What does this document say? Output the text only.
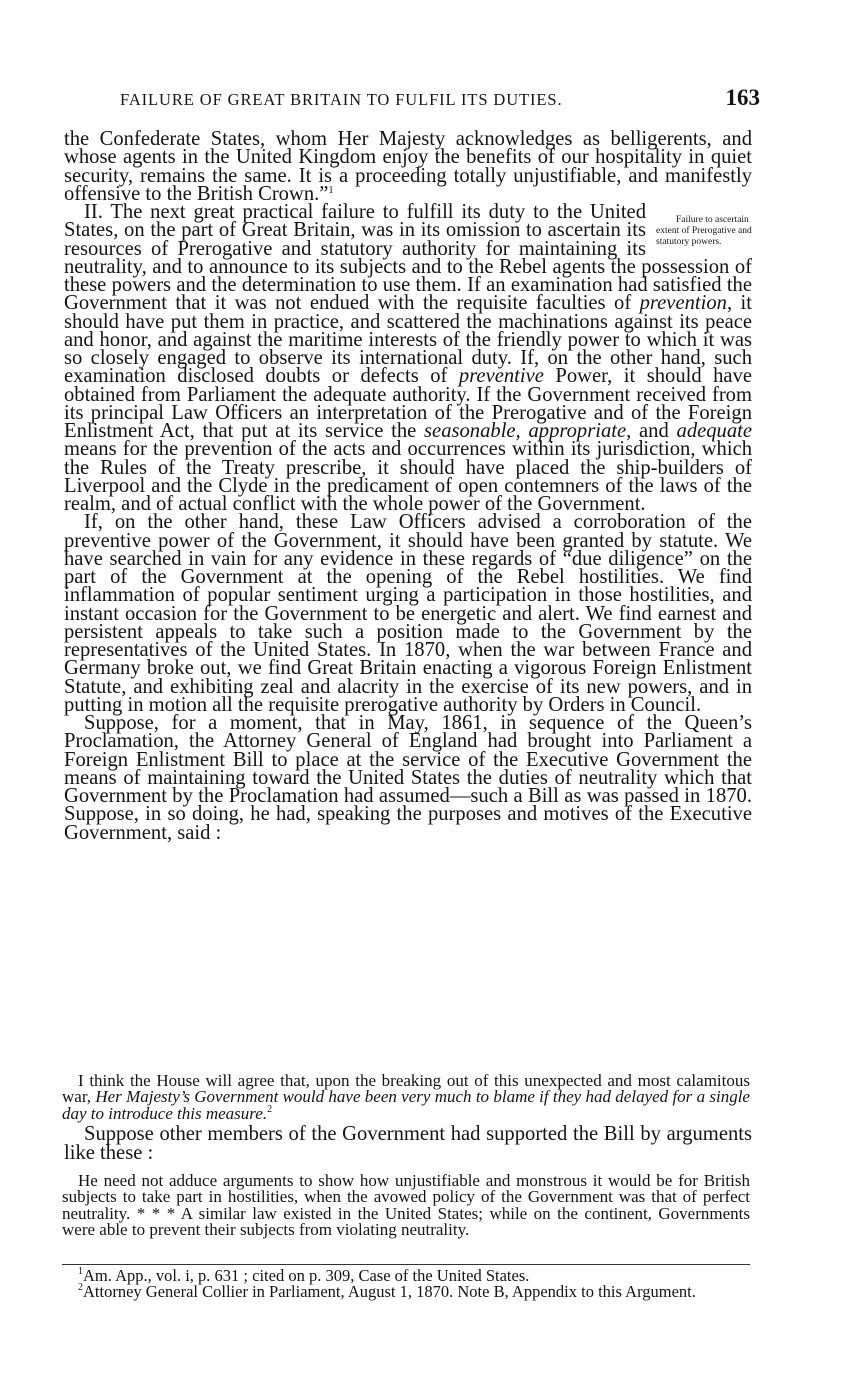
FAILURE OF GREAT BRITAIN TO FULFIL ITS DUTIES.	163

the Confederate States, whom Her Majesty acknowledges as belligerents, and whose agents in the United Kingdom enjoy the benefits of our hospitality in quiet security, remains the same. It is a proceeding totally unjustifiable, and manifestly offensive to the British Crown.”$^1$

Failure to ascertain extent of Prerogative and statutory powers.
II. The next great practical failure to fulfill its duty to the United States, on the part of Great Britain, was in its omission to ascertain its resources of Prerogative and statutory authority for maintaining its neutrality, and to announce to its subjects and to the Rebel agents the possession of these powers and the determination to use them. If an examination had satisfied the Government that it was not endued with the requisite faculties of prevention, it should have put them in practice, and scattered the machinations against its peace and honor, and against the maritime interests of the friendly power to which it was so closely engaged to observe its international duty. If, on the other hand, such examination disclosed doubts or defects of preventive Power, it should have obtained from Parliament the adequate authority. If the Government received from its principal Law Officers an interpretation of the Prerogative and of the Foreign Enlistment Act, that put at its service the seasonable, appropriate, and adequate means for the prevention of the acts and occurrences within its jurisdiction, which the Rules of the Treaty prescribe, it should have placed the ship-builders of Liverpool and the Clyde in the predicament of open contemners of the laws of the realm, and of actual conflict with the whole power of the Government.

If, on the other hand, these Law Officers advised a corroboration of the preventive power of the Government, it should have been granted by statute. We have searched in vain for any evidence in these regards of “due diligence” on the part of the Government at the opening of the Rebel hostilities. We find inflammation of popular sentiment urging a participation in those hostilities, and instant occasion for the Government to be energetic and alert. We find earnest and persistent appeals to take such a position made to the Government by the representatives of the United States. In 1870, when the war between France and Germany broke out, we find Great Britain enacting a vigorous Foreign Enlistment Statute, and exhibiting zeal and alacrity in the exercise of its new powers, and in putting in motion all the requisite prerogative authority by Orders in Council.

Suppose, for a moment, that in May, 1861, in sequence of the Queen’s Proclamation, the Attorney General of England had brought into Parliament a Foreign Enlistment Bill to place at the service of the Executive Government the means of maintaining toward the United States the duties of neutrality which that Government by the Proclamation had assumed—such a Bill as was passed in 1870. Suppose, in so doing, he had, speaking the purposes and motives of the Executive Government, said :

I think the House will agree that, upon the breaking out of this unexpected and most calamitous war, Her Majesty’s Government would have been very much to blame if they had delayed for a single day to introduce this measure.$^2$

Suppose other members of the Government had supported the Bill by arguments like these :

He need not adduce arguments to show how unjustifiable and monstrous it would be for British subjects to take part in hostilities, when the avowed policy of the Government was that of perfect neutrality. * * * A similar law existed in the United States; while on the continent, Governments were able to prevent their subjects from violating neutrality.

$^1$Am. App., vol. i, p. 631 ; cited on p. 309, Case of the United States.

$^2$Attorney General Collier in Parliament, August 1, 1870. Note B, Appendix to this Argument.
